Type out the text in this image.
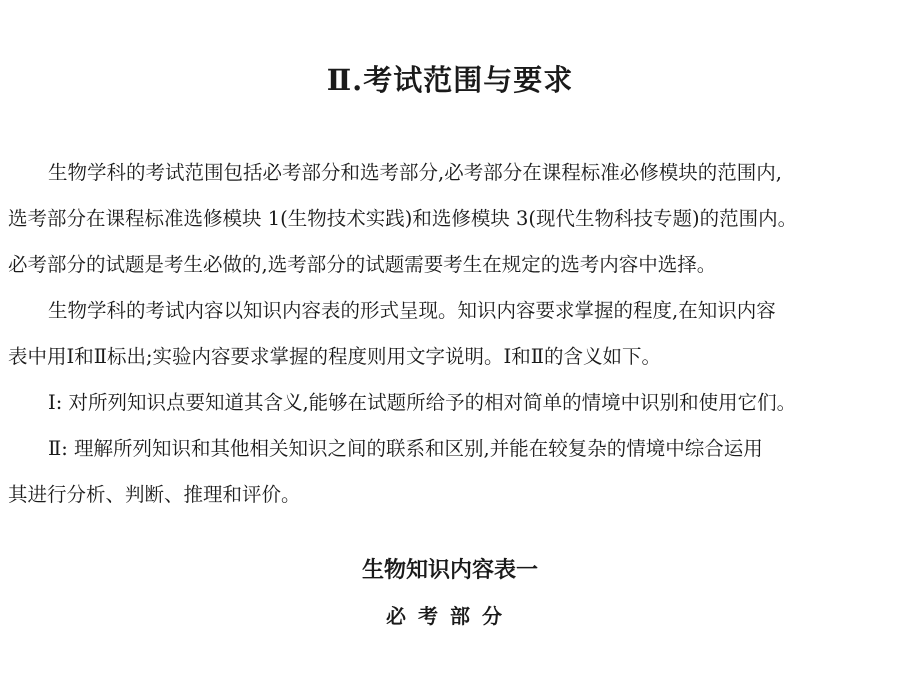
Ⅱ.考试范围与要求
生物学科的考试范围包括必考部分和选考部分,必考部分在课程标准必修模块的范围内,
选考部分在课程标准选修模块 1(生物技术实践)和选修模块 3(现代生物科技专题)的范围内。
必考部分的试题是考生必做的,选考部分的试题需要考生在规定的选考内容中选择。
生物学科的考试内容以知识内容表的形式呈现。知识内容要求掌握的程度,在知识内容
表中用Ⅰ和Ⅱ标出;实验内容要求掌握的程度则用文字说明。Ⅰ和Ⅱ的含义如下。
Ⅰ: 对所列知识点要知道其含义,能够在试题所给予的相对简单的情境中识别和使用它们。
Ⅱ: 理解所列知识和其他相关知识之间的联系和区别,并能在较复杂的情境中综合运用
其进行分析、判断、推理和评价。
生物知识内容表一
必考部分
